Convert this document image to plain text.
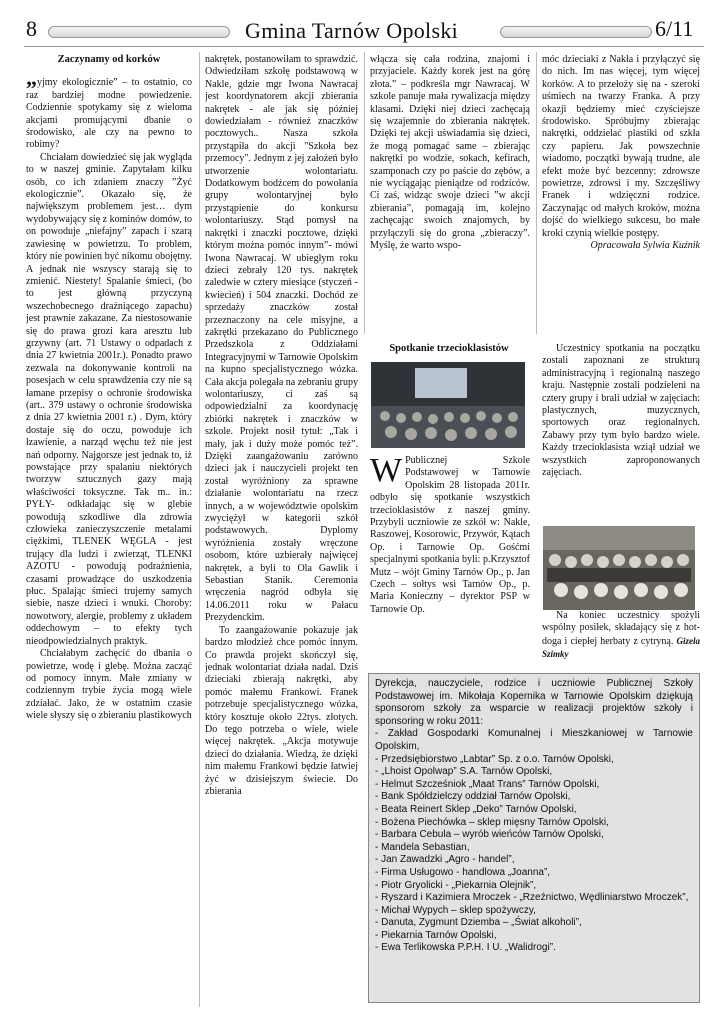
8	Gmina Tarnów Opolski	6/11
Zaczynamy od korków

„yjmy ekologicznie” – to ostatnio, co raz bardziej modne powiedzenie. Codziennie spotykamy się z wieloma akcjami promującymi dbanie o środowisko, ale czy na pewno to robimy?

Chciałam dowiedzieć się jak wygląda to w naszej gminie. Zapytałam kilku osób, co ich zdaniem znaczy ”Żyć ekologicznie”. Okazało się, że największym problemem jest… dym wydobywający się z kominów domów, to on powoduje „niefajny” zapach i szarą zawiesinę w powietrzu. To problem, który nie powinien być nikomu obojętny. A jednak nie wszyscy starają się to zmienić. Niestety! Spalanie śmieci, (bo to jest główną przyczyną wszechobecnego drażniącego zapachu) jest prawnie zakazane. Za niestosowanie się do prawa grozi kara aresztu lub grzywny (art. 71 Ustawy o odpadach z dnia 27 kwietnia 2001r.). Ponadto prawo zezwala na dokonywanie kontroli na posesjach w celu sprawdzenia czy nie są łamane przepisy o ochronie środowiska (art.. 379 ustawy o ochronie środowiska z dnia 27 kwietnia 2001 r.) . Dym, który dostaje się do oczu, powoduje ich łzawienie, a narząd węchu też nie jest nań odporny. Najgorsze jest jednak to, iż powstające przy spalaniu niektórych tworzyw sztucznych gazy mają właściwości toksyczne. Tak m.. in.: PYŁY- odkładając się w glebie powodują szkodliwe dla zdrowia człowieka zanieczyszczenie metalami ciężkimi, TLENEK WĘGLA - jest trujący dla ludzi i zwierząt, TLENKI AZOTU - powodują podrażnienia, czasami prowadzące do uszkodzenia płuc. Spalając śmieci trujemy samych siebie, nasze dzieci i wnuki. Choroby: nowotwory, alergie, problemy z układem oddechowym – to efekty tych nieodpowiedzialnych praktyk.

Chciałabym zachęcić do dbania o powietrze, wodę i glebę. Można zacząć od pomocy innym. Małe zmiany w codziennym trybie życia mogą wiele zdziałać. Jako, że w ostatnim czasie wiele słyszy się o zbieraniu plastikowych

nakrętek, postanowiłam to sprawdzić. Odwiedziłam szkołę podstawową w Nakle, gdzie mgr Iwona Nawracaj jest koordynatorem akcji zbierania nakrętek - ale jak się później dowiedziałam - również znaczków pocztowych.. Nasza szkoła przystąpiła do akcji "Szkoła bez przemocy". Jednym z jej założeń było utworzenie wolontariatu. Dodatkowym bodźcem do powołania grupy wolontaryjnej było przystąpienie do konkursu wolontariuszy. Stąd pomysł na nakrętki i znaczki pocztowe, dzięki którym można pomóc innym”- mówi Iwona Nawracaj. W ubiegłym roku dzieci zebrały 120 tys. nakrętek zaledwie w cztery miesiące (styczeń - kwiecień) i 504 znaczki. Dochód ze sprzedaży znaczków został przeznaczony na cele misyjne, a zakrętki przekazano do Publicznego Przedszkola z Oddziałami Integracyjnymi w Tarnowie Opolskim na kupno specjalistycznego wózka. Cała akcja polegała na zebraniu grupy wolontariuszy, ci zaś są odpowiedzialni za koordynację zbiórki nakrętek i znaczków w szkole. Projekt nosił tytuł: „Tak i mały, jak i duży może pomóc też”. Dzięki zaangażowaniu zarówno dzieci jak i nauczycieli projekt ten został wyróżniony za sprawne działanie wolontariatu na rzecz innych, a w województwie opolskim zwyciężył w kategorii szkół podstawowych. Dyplomy wyróżnienia zostały wręczone osobom, które uzbierały najwięcej nakrętek, a byli to Ola Gawlik i Sebastian Stanik. Ceremonia wręczenia nagród odbyła się 14.06.2011 roku w Pałacu Prezydenckim.

To zaangażowanie pokazuje jak bardzo młodzież chce pomóc innym. Co prawda projekt skończył się, jednak wolontariat działa nadal. Dziś dzieciaki zbierają nakrętki, aby pomóc małemu Frankowi. Franek potrzebuje specjalistycznego wózka, który kosztuje około 22tys. złotych. Do tego potrzeba o wiele, wiele więcej nakrętek. „Akcja motywuje dzieci do działania. Wiedzą, że dzięki nim małemu Frankowi będzie łatwiej żyć w dzisiejszym świecie. Do zbierania

włącza się cała rodzina, znajomi i przyjaciele. Każdy korek jest na górę złota.” – podkreśla mgr Nawracaj. W szkole panuje mała rywalizacja między klasami. Dzięki niej dzieci zachęcają się wzajemnie do zbierania nakrętek. Dzięki tej akcji uświadamia się dzieci, że mogą pomagać same – zbierając nakrętki po wodzie, sokach, kefirach, szamponach czy po paście do zębów, a nie wyciągając pieniądze od rodziców. Ci zaś, widząc swoje dzieci ”w akcji zbierania”, pomagają im, kolejno zachęcając swoich znajomych, by przyłączyli się do grona „zbieraczy”. Myślę, że warto wspo-

móc dzieciaki z Nakła i przyłączyć się do nich. Im nas więcej, tym więcej korków. A to przełoży się na - szeroki uśmiech na twarzy Franka. A przy okazji będziemy mieć czyściejsze środowisko. Spróbujmy zbierając nakrętki, oddzielać plastiki od szkła czy papieru. Jak powszechnie wiadomo, początki bywają trudne, ale efekt może być bezcenny: zdrowsze powietrze, zdrowsi i my. Szczęśliwy Franek i wdzięczni rodzice. Zaczynając od małych kroków, można dojść do wielkiego sukcesu, bo małe kroki czynią wielkie postępy.

Opracowała Sylwia Kuźnik

Spotkanie trzecioklasistów

W Publicznej Szkole Podstawowej w Tarnowie Opolskim 28 listopada 2011r. odbyło się spotkanie wszystkich trzecioklasistów z naszej gminy. Przybyli uczniowie ze szkół w: Nakle, Raszowej, Kosorowic, Przywór, Kątach Op. i Tarnowie Op. Gośćmi specjalnymi spotkania byli: p.Krzysztof Mutz – wójt Gminy Tarnów Op., p. Jan Czech – sołtys wsi Tarnów Op., p. Maria Konieczny – dyrektor PSP w Tarnowie Op.

Uczestnicy spotkania na początku zostali zapoznani ze strukturą administracyjną i regionalną naszego kraju. Następnie zostali podzieleni na cztery grupy i brali udział w zajęciach: plastycznych, muzycznych, sportowych oraz regionalnych. Zabawy przy tym było bardzo wiele. Każdy trzecioklasista wziął udział we wszystkich zaproponowanych zajęciach.

Na koniec uczestnicy spożyli wspólny posiłek, składający się z hot-doga i ciepłej herbaty z cytryną. Gizela Szimky

Dyrekcja, nauczyciele, rodzice i uczniowie Publicznej Szkoły Podstawowej im. Mikołaja Kopernika w Tarnowie Opolskim dziękują sponsorom szkoły za wsparcie w realizacji projektów szkoły i sponsoring w roku 2011:
- Zakład Gospodarki Komunalnej i Mieszkaniowej w Tarnowie Opolskim,
- Przedsiębiorstwo „Labtar” Sp. z o.o. Tarnów Opolski,
- „Lhoist Opolwap” S.A. Tarnów Opolski,
- Helmut Szcześniok „Maat Trans” Tarnów Opolski,
- Bank Spółdzielczy oddział Tarnów Opolski,
- Beata Reinert Sklep „Deko” Tarnów Opolski,
- Bożena Piechówka – sklep mięsny Tarnów Opolski,
- Barbara Cebula – wyrób wieńców Tarnów Opolski,
- Mandela Sebastian,
- Jan Zawadzki „Agro - handel”,
- Firma Usługowo - handlowa „Joanna”,
- Piotr Gryolicki - „Piekarnia Olejnik”,
- Ryszard i Kazimiera Mroczek - „Rzeźnictwo, Wędliniarstwo Mroczek”,
- Michał Wypych – sklep spożywczy,
- Danuta, Zygmunt Dziemba – „Świat alkoholi”,
- Piekarnia Tarnów Opolski,
- Ewa Terlikowska P.P.H. I U. „Walidrogi”.
